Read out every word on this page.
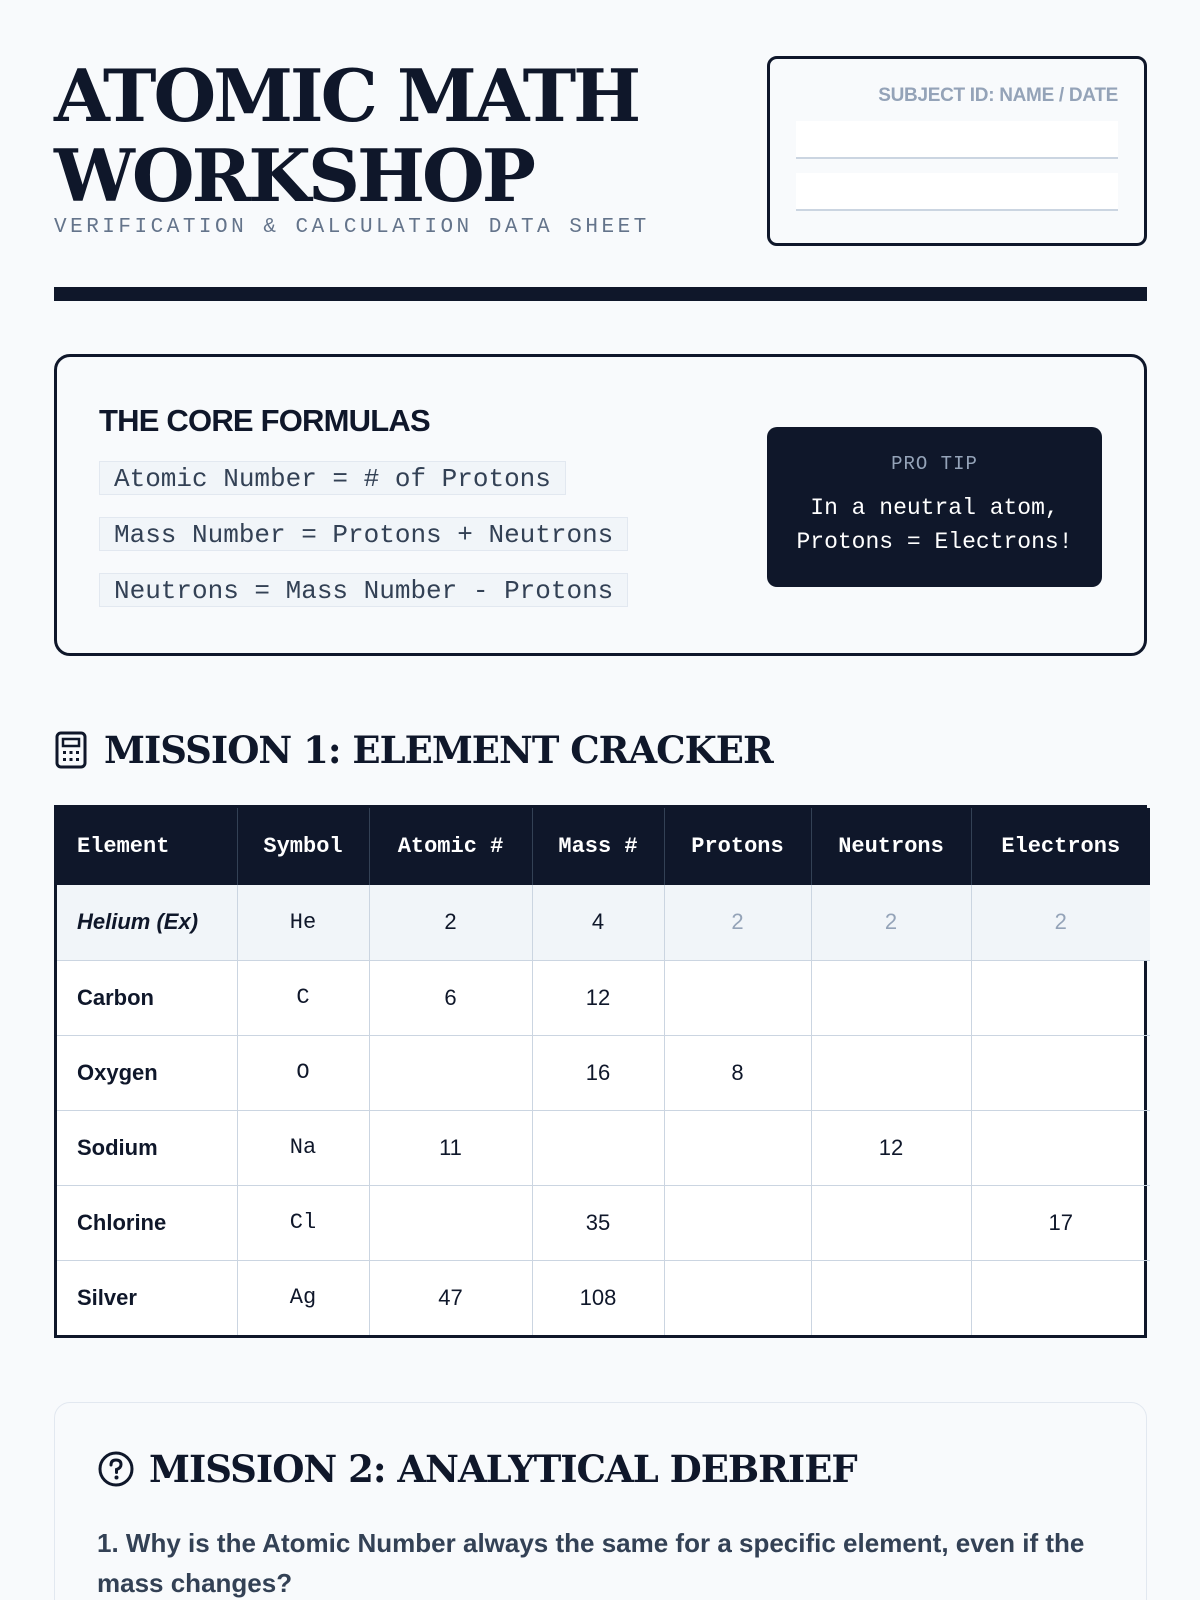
ATOMIC MATH
WORKSHOP
VERIFICATION & CALCULATION DATA SHEET
SUBJECT ID: NAME / DATE
THE CORE FORMULAS
Atomic Number = # of Protons
Mass Number = Protons + Neutrons
Neutrons = Mass Number - Protons
PRO TIP
In a neutral atom,
Protons = Electrons!
MISSION 1: ELEMENT CRACKER
Element	Symbol	Atomic #	Mass #	Protons	Neutrons	Electrons
Helium (Ex)	He	2	4	2	2	2
Carbon	C	6	12			
Oxygen	O		16	8		
Sodium	Na	11			12	
Chlorine	Cl		35			17
Silver	Ag	47	108			
MISSION 2: ANALYTICAL DEBRIEF
1. Why is the Atomic Number always the same for a specific element, even if the mass changes?
